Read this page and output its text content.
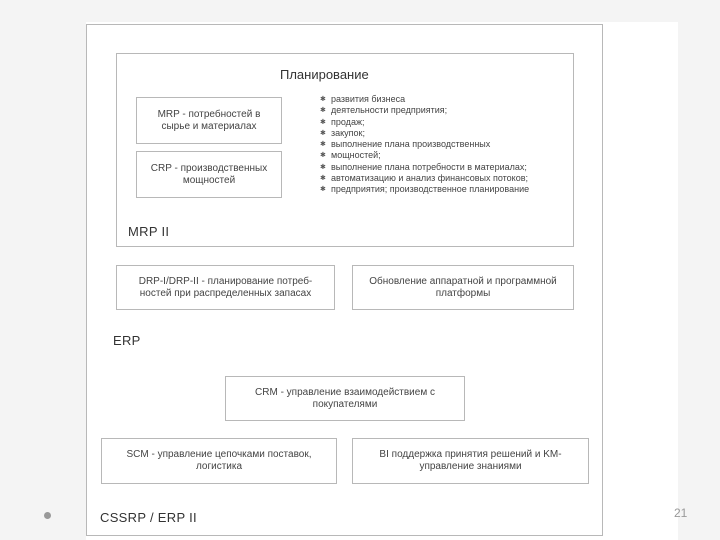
Планирование
MRP - потребностей в сырье и материалах
CRP - производственных мощностей
✱ развития бизнеса
✱ деятельности предприятия;
✱ продаж;
✱ закупок;
✱ выполнение плана производственных
✱ мощностей;
✱ выполнение плана потребности в материалах;
✱ автоматизацию и анализ финансовых потоков;
✱ предприятия; производственное планирование
MRP II
DRP-I/DRP-II - планирование потреб-ностей при распределенных запасах
Обновление аппаратной и программной платформы
ERP
CRM - управление взаимодействием с покупателями
SCM - управление цепочками поставок, логистика
BI поддержка принятия решений и KM- управление знаниями
CSSRP / ERP II	21
